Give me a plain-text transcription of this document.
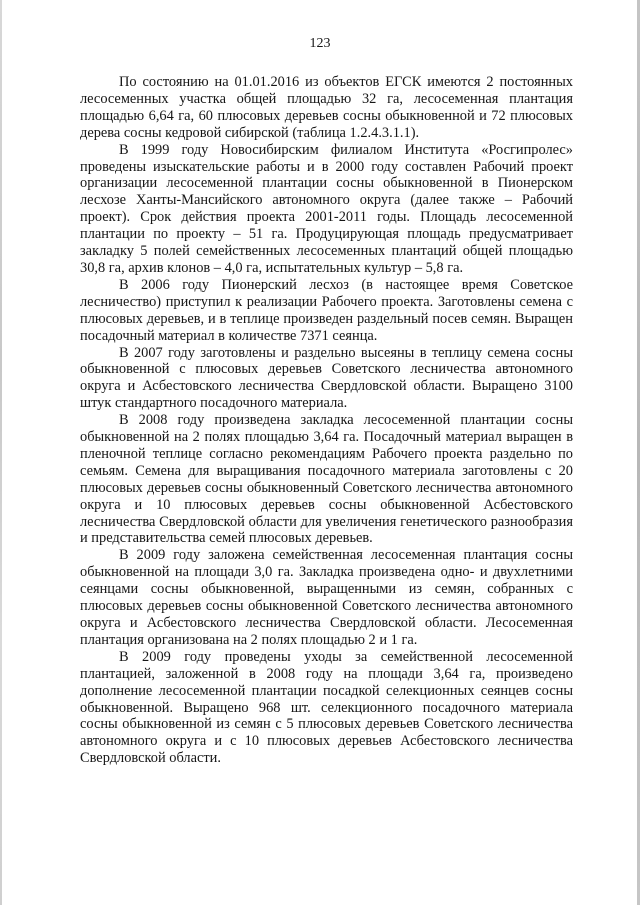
123

По состоянию на 01.01.2016 из объектов ЕГСК имеются 2 постоянных лесосеменных участка общей площадью 32 га, лесосеменная плантация площадью 6,64 га, 60 плюсовых деревьев сосны обыкновенной и 72 плюсовых дерева сосны кедровой сибирской (таблица 1.2.4.3.1.1).

В 1999 году Новосибирским филиалом Института «Росгипролес» проведены изыскательские работы и в 2000 году составлен Рабочий проект организации лесосеменной плантации сосны обыкновенной в Пионерском лесхозе Ханты-Мансийского автономного округа (далее также – Рабочий проект). Срок действия проекта 2001-2011 годы. Площадь лесосеменной плантации по проекту – 51 га. Продуцирующая площадь предусматривает закладку 5 полей семейственных лесосеменных плантаций общей площадью 30,8 га, архив клонов – 4,0 га, испытательных культур – 5,8 га.

В 2006 году Пионерский лесхоз (в настоящее время Советское лесничество) приступил к реализации Рабочего проекта. Заготовлены семена с плюсовых деревьев, и в теплице произведен раздельный посев семян. Выращен посадочный материал в количестве 7371 сеянца.

В 2007 году заготовлены и раздельно высеяны в теплицу семена сосны обыкновенной с плюсовых деревьев Советского лесничества автономного округа и Асбестовского лесничества Свердловской области. Выращено 3100 штук стандартного посадочного материала.

В 2008 году произведена закладка лесосеменной плантации сосны обыкновенной на 2 полях площадью 3,64 га. Посадочный материал выращен в пленочной теплице согласно рекомендациям Рабочего проекта раздельно по семьям. Семена для выращивания посадочного материала заготовлены с 20 плюсовых деревьев сосны обыкновенный Советского лесничества автономного округа и 10 плюсовых деревьев сосны обыкновенной Асбестовского лесничества Свердловской области для увеличения генетического разнообразия и представительства семей плюсовых деревьев.

В 2009 году заложена семейственная лесосеменная плантация сосны обыкновенной на площади 3,0 га. Закладка произведена одно- и двухлетними сеянцами сосны обыкновенной, выращенными из семян, собранных с плюсовых деревьев сосны обыкновенной Советского лесничества автономного округа и Асбестовского лесничества Свердловской области. Лесосеменная плантация организована на 2 полях площадью 2 и 1 га.

В 2009 году проведены уходы за семейственной лесосеменной плантацией, заложенной в 2008 году на площади 3,64 га, произведено дополнение лесосеменной плантации посадкой селекционных сеянцев сосны обыкновенной. Выращено 968 шт. селекционного посадочного материала сосны обыкновенной из семян с 5 плюсовых деревьев Советского лесничества автономного округа и с 10 плюсовых деревьев Асбестовского лесничества Свердловской области.
